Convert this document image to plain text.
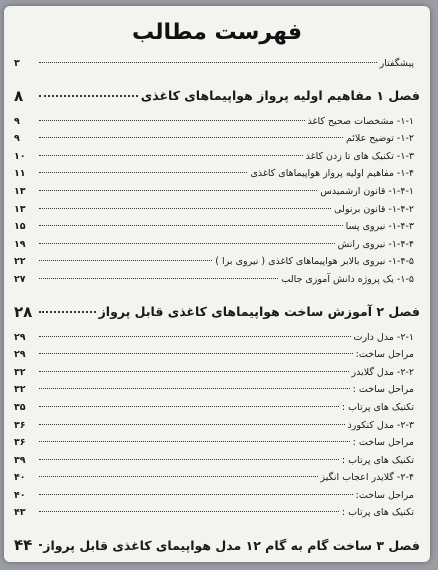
فهرست مطالب
پیشگفتار
۳
فصل ۱ مفاهیم اولیه پرواز هواپیماهای کاغذی
۸
۱-۱- مشخصات صحیح کاغذ
۹
۱-۲- توضیح علائم
۹
۱-۳- تکنیک های تا زدن کاغذ
۱۰
۱-۴- مفاهیم اولیه پرواز هواپیماهای کاغذی
۱۱
۱-۴-۱- قانون ارشمیدس
۱۳
۱-۴-۲- قانون برنولی
۱۳
۱-۴-۳- نیروی پسا
۱۵
۱-۴-۴- نیروی رانش
۱۹
۱-۴-۵- نیروی بالابر هواپیماهای کاغذی ( نیروی برا )
۲۲
۱-۵- یک پروژه دانش آموزی جالب
۲۷
فصل ۲ آموزش ساخت هواپیماهای کاغذی قابل پرواز
۲۸
۲-۱- مدل دارت
۲۹
مراحل ساخت:
۲۹
۲-۲- مدل گلایدر
۳۲
مراحل ساخت :
۳۲
تکنیک های پرتاب :
۳۵
۲-۳- مدل کنکورد
۳۶
مراحل ساخت :
۳۶
تکنیک های پرتاب :
۳۹
۲-۴- گلایدر اعجاب انگیز
۴۰
مراحل ساخت:
۴۰
تکنیک های پرتاب :
۴۳
فصل ۳ ساخت گام به گام ۱۲ مدل هواپیمای کاغذی قابل پرواز
۴۴
